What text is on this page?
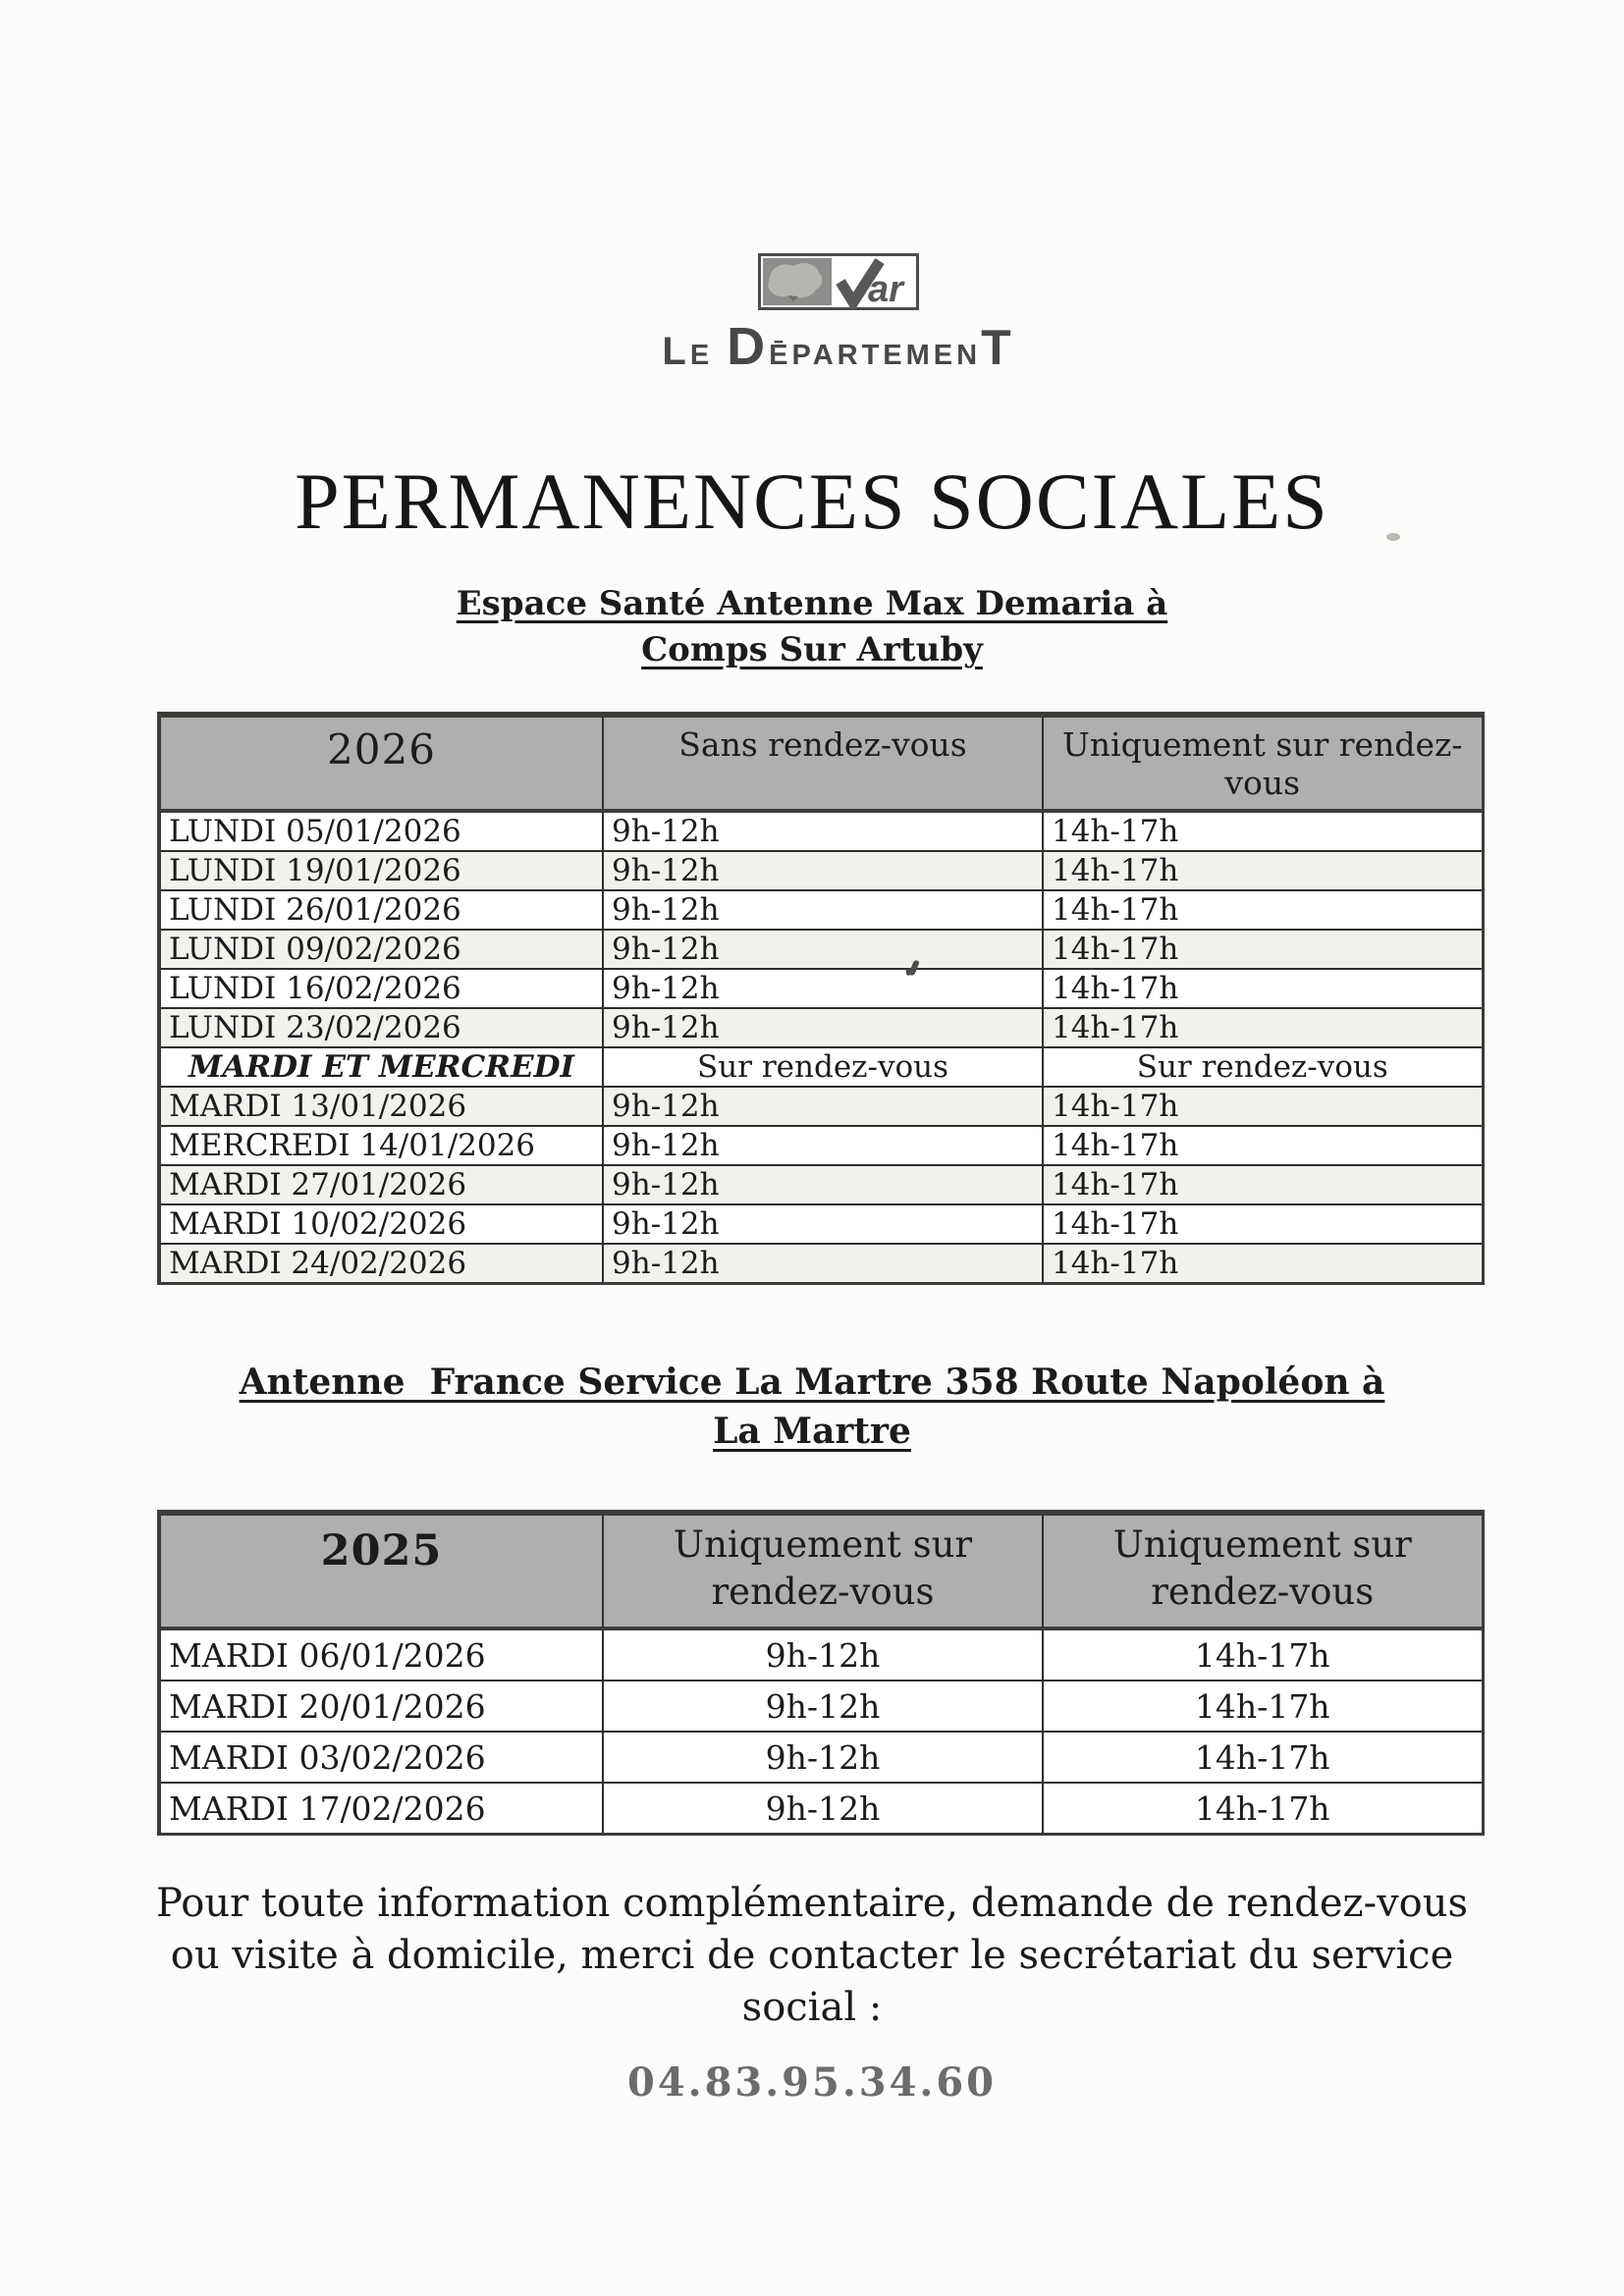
ar
L E D ĒPARTEMEN T
PERMANENCES SOCIALES
Espace Santé Antenne Max Demaria à
Comps Sur Artuby
2026	Sans rendez-vous	Uniquement sur rendez-vous
LUNDI 05/01/2026	9h-12h	14h-17h
LUNDI 19/01/2026	9h-12h	14h-17h
LUNDI 26/01/2026	9h-12h	14h-17h
LUNDI 09/02/2026	9h-12h	14h-17h
LUNDI 16/02/2026	9h-12h	14h-17h
LUNDI 23/02/2026	9h-12h	14h-17h
MARDI ET MERCREDI	Sur rendez-vous	Sur rendez-vous
MARDI 13/01/2026	9h-12h	14h-17h
MERCREDI 14/01/2026	9h-12h	14h-17h
MARDI 27/01/2026	9h-12h	14h-17h
MARDI 10/02/2026	9h-12h	14h-17h
MARDI 24/02/2026	9h-12h	14h-17h
Antenne  France Service La Martre 358 Route Napoléon à
La Martre
2025	Uniquement sur rendez-vous	Uniquement sur rendez-vous
MARDI 06/01/2026	9h-12h	14h-17h
MARDI 20/01/2026	9h-12h	14h-17h
MARDI 03/02/2026	9h-12h	14h-17h
MARDI 17/02/2026	9h-12h	14h-17h
Pour toute information complémentaire, demande de rendez-vous
ou visite à domicile, merci de contacter le secrétariat du service
social :
04.83.95.34.60
